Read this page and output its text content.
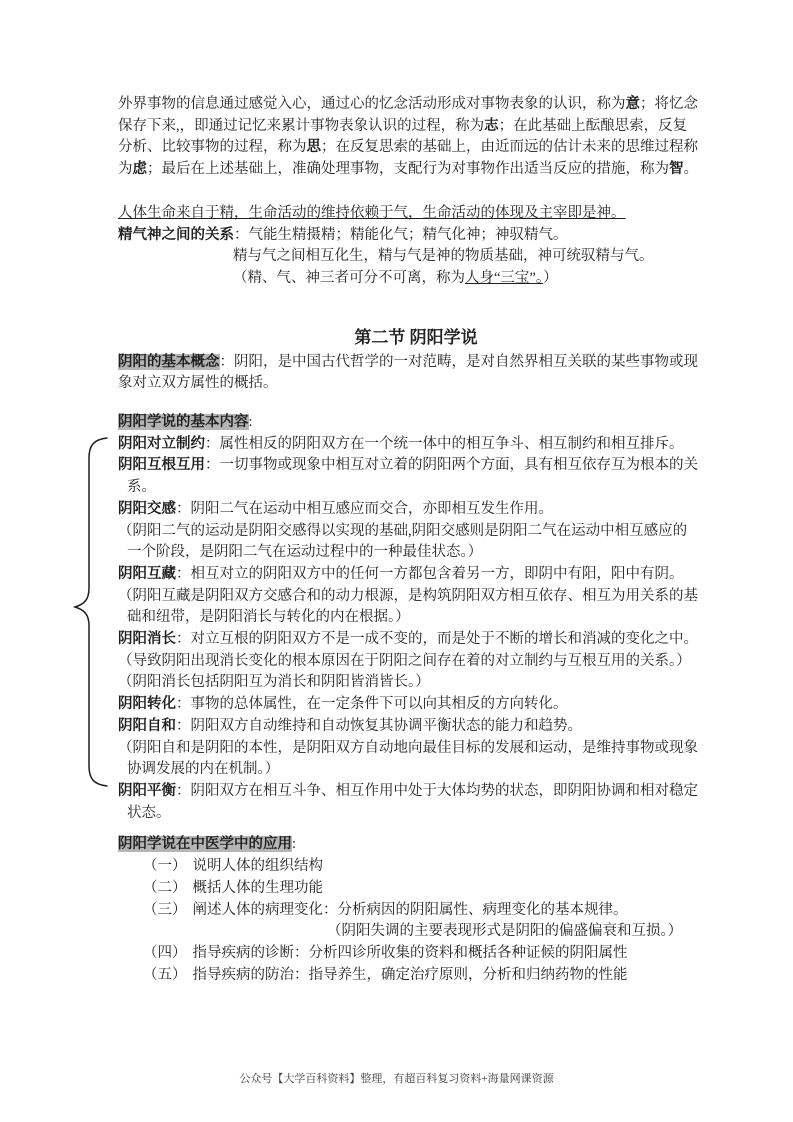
外界事物的信息通过感觉入心，通过心的忆念活动形成对事物表象的认识，称为意；将忆念
保存下来,，即通过记忆来累计事物表象认识的过程，称为志；在此基础上酝酿思索，反复
分析、比较事物的过程，称为思；在反复思索的基础上，由近而远的估计未来的思维过程称
为虑；最后在上述基础上，准确处理事物，支配行为对事物作出适当反应的措施，称为智。
人体生命来自于精，生命活动的维持依赖于气，生命活动的体现及主宰即是神。
精气神之间的关系：气能生精摄精；精能化气；精气化神；神驭精气。
精与气之间相互化生，精与气是神的物质基础，神可统驭精与气。
（精、气、神三者可分不可离，称为人身“三宝”。）
第二节 阴阳学说
阴阳的基本概念：阴阳，是中国古代哲学的一对范畴，是对自然界相互关联的某些事物或现
象对立双方属性的概括。
阴阳学说的基本内容:
阴阳对立制约：属性相反的阴阳双方在一个统一体中的相互争斗、相互制约和相互排斥。
阴阳互根互用：一切事物或现象中相互对立着的阴阳两个方面，具有相互依存互为根本的关
系。
阴阳交感：阴阳二气在运动中相互感应而交合，亦即相互发生作用。
（阴阳二气的运动是阴阳交感得以实现的基础,阴阳交感则是阴阳二气在运动中相互感应的
一个阶段，是阴阳二气在运动过程中的一种最佳状态。）
阴阳互藏：相互对立的阴阳双方中的任何一方都包含着另一方，即阴中有阳，阳中有阴。
（阴阳互藏是阴阳双方交感合和的动力根源，是构筑阴阳双方相互依存、相互为用关系的基
础和纽带，是阴阳消长与转化的内在根据。）
阴阳消长：对立互根的阴阳双方不是一成不变的，而是处于不断的增长和消减的变化之中。
（导致阴阳出现消长变化的根本原因在于阴阳之间存在着的对立制约与互根互用的关系。）
（阴阳消长包括阴阳互为消长和阴阳皆消皆长。）
阴阳转化：事物的总体属性，在一定条件下可以向其相反的方向转化。
阴阳自和：阴阳双方自动维持和自动恢复其协调平衡状态的能力和趋势。
（阴阳自和是阴阳的本性，是阴阳双方自动地向最佳目标的发展和运动，是维持事物或现象
协调发展的内在机制。）
阴阳平衡：阴阳双方在相互斗争、相互作用中处于大体均势的状态，即阴阳协调和相对稳定
状态。
阴阳学说在中医学中的应用:
（一） 说明人体的组织结构
（二） 概括人体的生理功能
（三） 阐述人体的病理变化：分析病因的阴阳属性、病理变化的基本规律。
（阴阳失调的主要表现形式是阴阳的偏盛偏衰和互损。）
（四） 指导疾病的诊断：分析四诊所收集的资料和概括各种证候的阴阳属性
（五） 指导疾病的防治：指导养生，确定治疗原则，分析和归纳药物的性能
公众号【大学百科资料】整理，有超百科复习资料+海量网课资源
